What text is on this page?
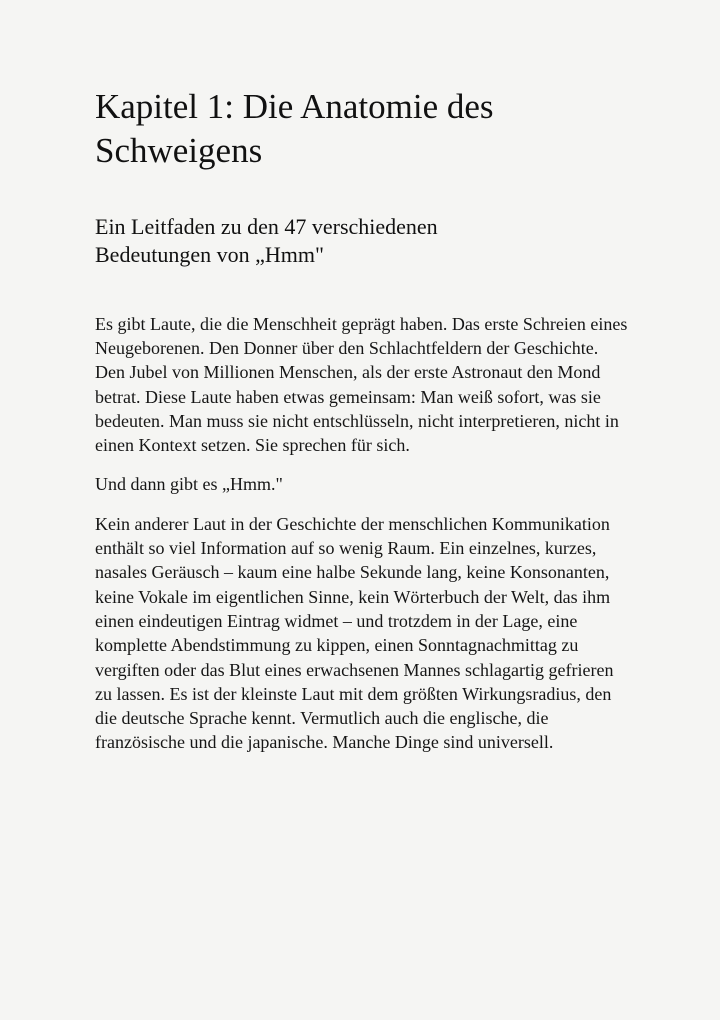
Kapitel 1: Die Anatomie des Schweigens
Ein Leitfaden zu den 47 verschiedenen Bedeutungen von „Hmm"

Es gibt Laute, die die Menschheit geprägt haben. Das erste Schreien eines Neugeborenen. Den Donner über den Schlachtfeldern der Geschichte. Den Jubel von Millionen Menschen, als der erste Astronaut den Mond betrat. Diese Laute haben etwas gemeinsam: Man weiß sofort, was sie bedeuten. Man muss sie nicht entschlüsseln, nicht interpretieren, nicht in einen Kontext setzen. Sie sprechen für sich.

Und dann gibt es „Hmm."

Kein anderer Laut in der Geschichte der menschlichen Kommunikation enthält so viel Information auf so wenig Raum. Ein einzelnes, kurzes, nasales Geräusch – kaum eine halbe Sekunde lang, keine Konsonanten, keine Vokale im eigentlichen Sinne, kein Wörterbuch der Welt, das ihm einen eindeutigen Eintrag widmet – und trotzdem in der Lage, eine komplette Abendstimmung zu kippen, einen Sonntagnachmittag zu vergiften oder das Blut eines erwachsenen Mannes schlagartig gefrieren zu lassen. Es ist der kleinste Laut mit dem größten Wirkungsradius, den die deutsche Sprache kennt. Vermutlich auch die englische, die französische und die japanische. Manche Dinge sind universell.
